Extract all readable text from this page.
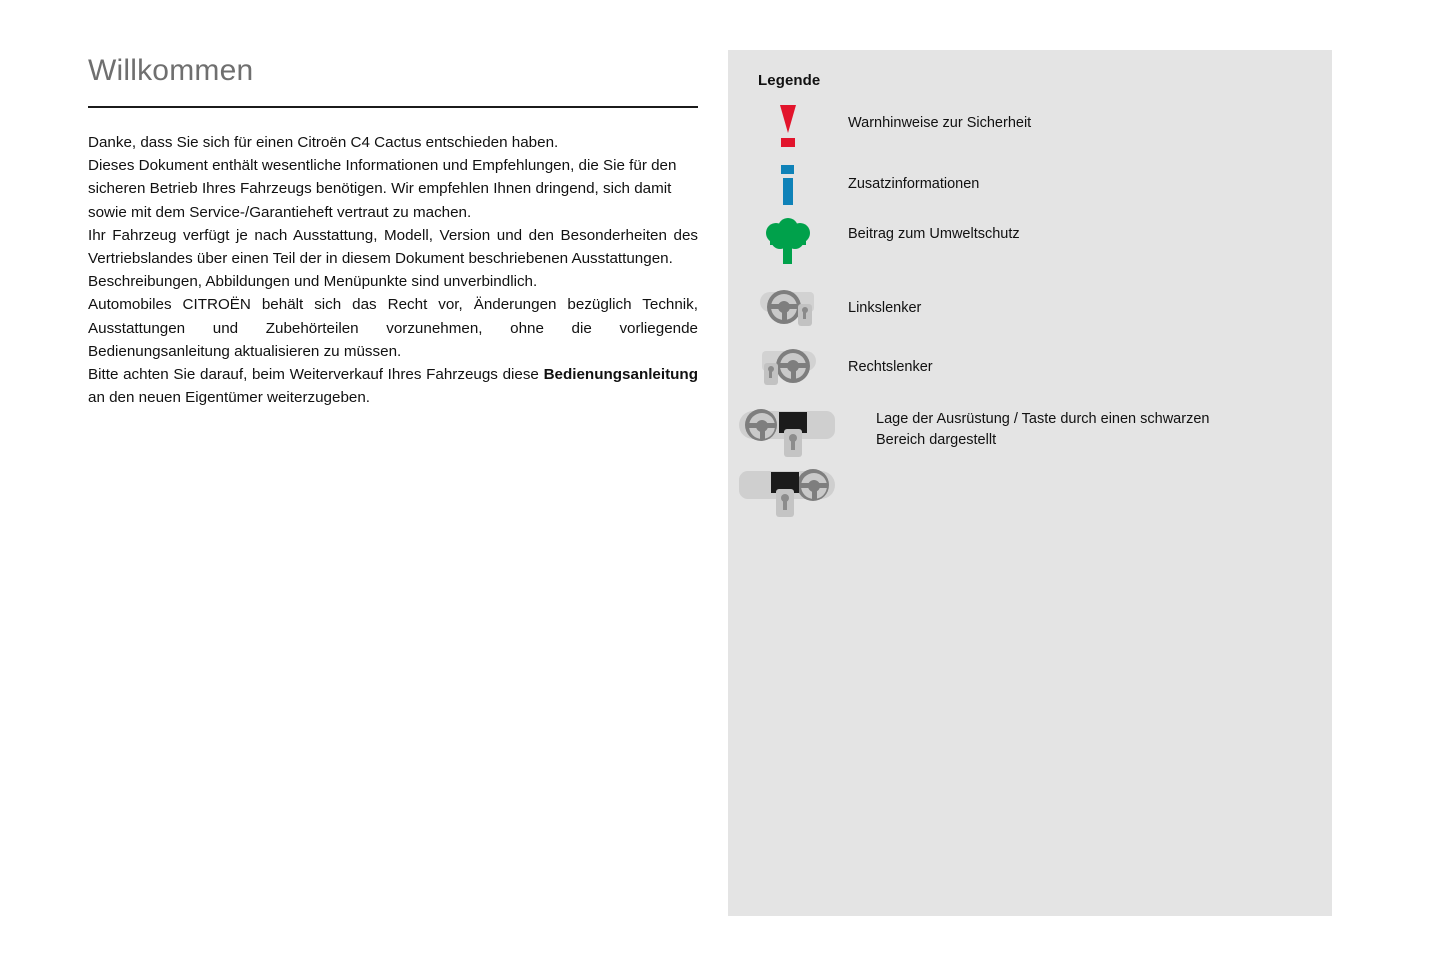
Willkommen

Danke, dass Sie sich für einen Citroën C4 Cactus entschieden haben.

Dieses Dokument enthält wesentliche Informationen und Empfehlungen, die Sie für den sicheren Betrieb Ihres Fahrzeugs benötigen. Wir empfehlen Ihnen dringend, sich damit sowie mit dem Service-/Garantieheft vertraut zu machen.

Ihr Fahrzeug verfügt je nach Ausstattung, Modell, Version und den Besonderheiten des Vertriebslandes über einen Teil der in diesem Dokument beschriebenen Ausstattungen.

Beschreibungen, Abbildungen und Menüpunkte sind unverbindlich.

Automobiles CITROËN behält sich das Recht vor, Änderungen bezüglich Technik, Ausstattungen und Zubehörteilen vorzunehmen, ohne die vorliegende Bedienungsanleitung aktualisieren zu müssen.

Bitte achten Sie darauf, beim Weiterverkauf Ihres Fahrzeugs diese Bedienungsanleitung an den neuen Eigentümer weiterzugeben.

Legende
Warnhinweise zur Sicherheit
Zusatzinformationen
Beitrag zum Umweltschutz
Linkslenker
Rechtslenker
Lage der Ausrüstung / Taste durch einen schwarzen Bereich dargestellt
